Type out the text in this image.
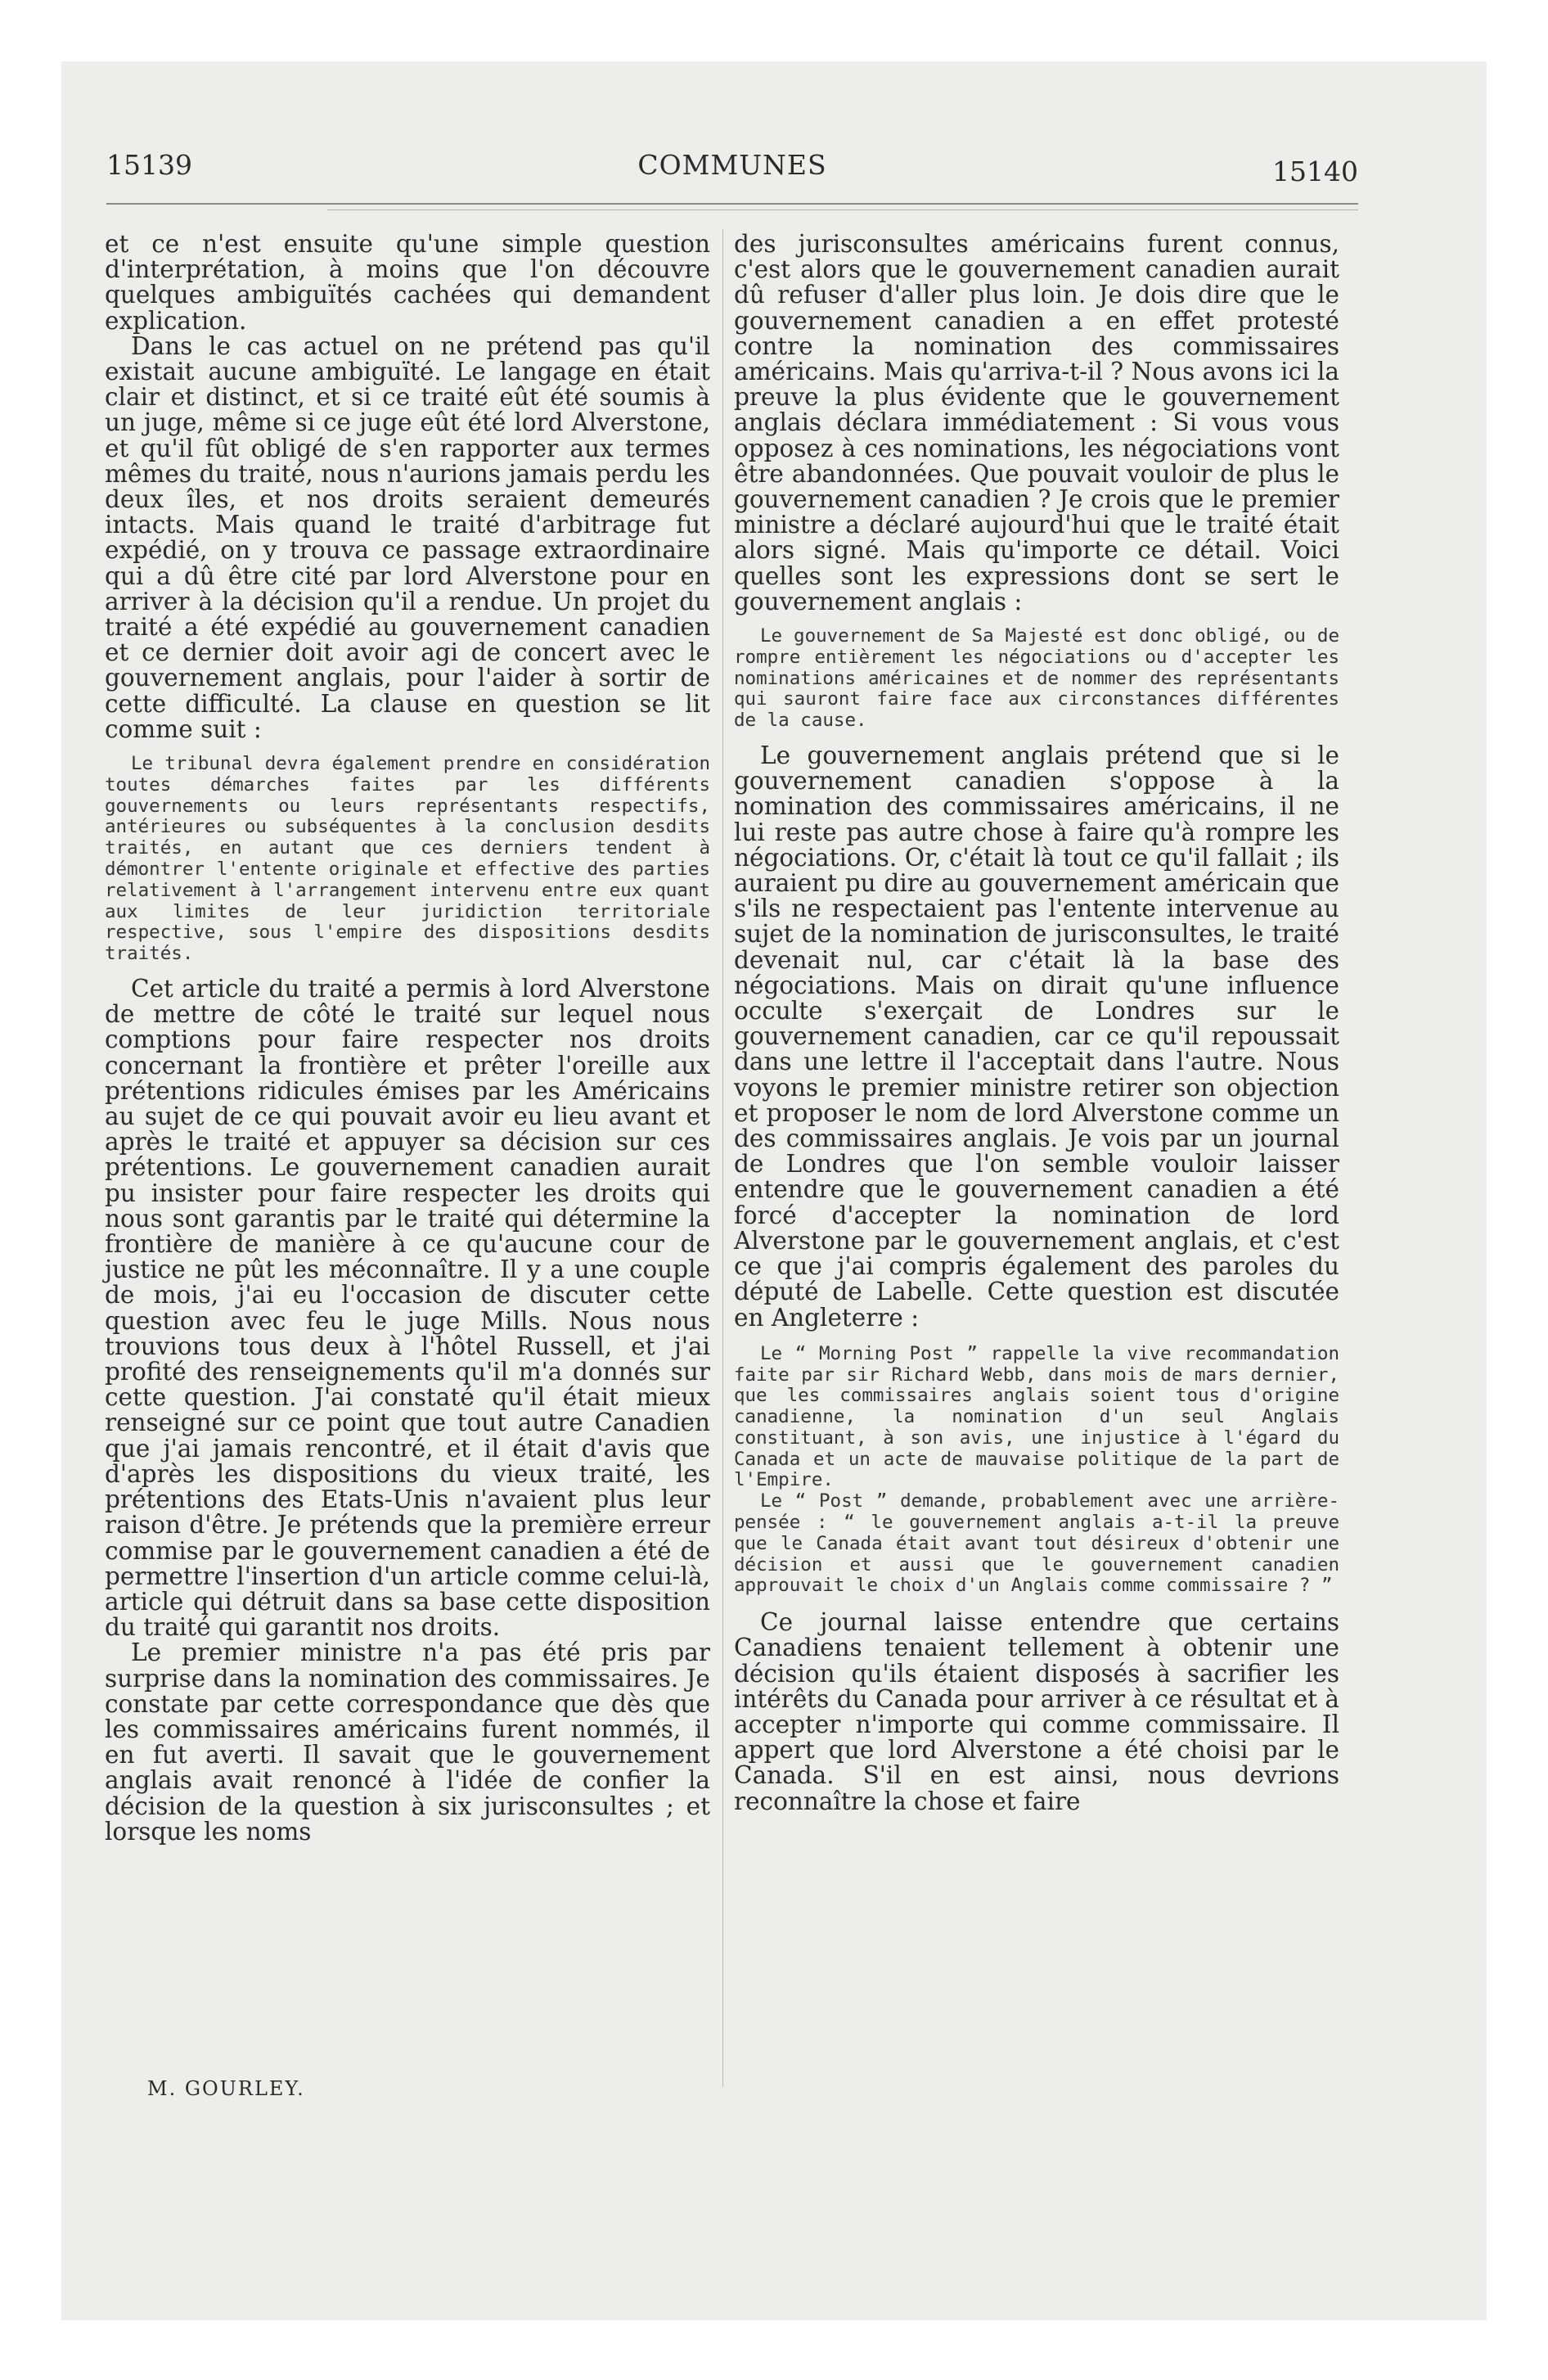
15139	COMMUNES	15140

et ce n'est ensuite qu'une simple question d'interprétation, à moins que l'on découvre quelques ambiguïtés cachées qui demandent explication.

Dans le cas actuel on ne prétend pas qu'il existait aucune ambiguïté. Le langage en était clair et distinct, et si ce traité eût été soumis à un juge, même si ce juge eût été lord Alverstone, et qu'il fût obligé de s'en rapporter aux termes mêmes du traité, nous n'aurions jamais perdu les deux îles, et nos droits seraient demeurés intacts. Mais quand le traité d'arbitrage fut expédié, on y trouva ce passage extraordinaire qui a dû être cité par lord Alverstone pour en arriver à la décision qu'il a rendue. Un projet du traité a été expédié au gouvernement canadien et ce dernier doit avoir agi de concert avec le gouvernement anglais, pour l'aider à sortir de cette difficulté. La clause en question se lit comme suit :

Le tribunal devra également prendre en considération toutes démarches faites par les différents gouvernements ou leurs représentants respectifs, antérieures ou subséquentes à la conclusion desdits traités, en autant que ces derniers tendent à démontrer l'entente originale et effective des parties relativement à l'arrangement intervenu entre eux quant aux limites de leur juridiction territoriale respective, sous l'empire des dispositions desdits traités.

Cet article du traité a permis à lord Alverstone de mettre de côté le traité sur lequel nous comptions pour faire respecter nos droits concernant la frontière et prêter l'oreille aux prétentions ridicules émises par les Américains au sujet de ce qui pouvait avoir eu lieu avant et après le traité et appuyer sa décision sur ces prétentions. Le gouvernement canadien aurait pu insister pour faire respecter les droits qui nous sont garantis par le traité qui détermine la frontière de manière à ce qu'aucune cour de justice ne pût les méconnaître. Il y a une couple de mois, j'ai eu l'occasion de discuter cette question avec feu le juge Mills. Nous nous trouvions tous deux à l'hôtel Russell, et j'ai profité des renseignements qu'il m'a donnés sur cette question. J'ai constaté qu'il était mieux renseigné sur ce point que tout autre Canadien que j'ai jamais rencontré, et il était d'avis que d'après les dispositions du vieux traité, les prétentions des Etats-Unis n'avaient plus leur raison d'être. Je prétends que la première erreur commise par le gouvernement canadien a été de permettre l'insertion d'un article comme celui-là, article qui détruit dans sa base cette disposition du traité qui garantit nos droits.

Le premier ministre n'a pas été pris par surprise dans la nomination des commissaires. Je constate par cette correspondance que dès que les commissaires américains furent nommés, il en fut averti. Il savait que le gouvernement anglais avait renoncé à l'idée de confier la décision de la question à six jurisconsultes ; et lorsque les noms

des jurisconsultes américains furent connus, c'est alors que le gouvernement canadien aurait dû refuser d'aller plus loin. Je dois dire que le gouvernement canadien a en effet protesté contre la nomination des commissaires américains. Mais qu'arriva-t-il ? Nous avons ici la preuve la plus évidente que le gouvernement anglais déclara immédiatement : Si vous vous opposez à ces nominations, les négociations vont être abandonnées. Que pouvait vouloir de plus le gouvernement canadien ? Je crois que le premier ministre a déclaré aujourd'hui que le traité était alors signé. Mais qu'importe ce détail. Voici quelles sont les expressions dont se sert le gouvernement anglais :

Le gouvernement de Sa Majesté est donc obligé, ou de rompre entièrement les négociations ou d'accepter les nominations américaines et de nommer des représentants qui sauront faire face aux circonstances différentes de la cause.

Le gouvernement anglais prétend que si le gouvernement canadien s'oppose à la nomination des commissaires américains, il ne lui reste pas autre chose à faire qu'à rompre les négociations. Or, c'était là tout ce qu'il fallait ; ils auraient pu dire au gouvernement américain que s'ils ne respectaient pas l'entente intervenue au sujet de la nomination de jurisconsultes, le traité devenait nul, car c'était là la base des négociations. Mais on dirait qu'une influence occulte s'exerçait de Londres sur le gouvernement canadien, car ce qu'il repoussait dans une lettre il l'acceptait dans l'autre. Nous voyons le premier ministre retirer son objection et proposer le nom de lord Alverstone comme un des commissaires anglais. Je vois par un journal de Londres que l'on semble vouloir laisser entendre que le gouvernement canadien a été forcé d'accepter la nomination de lord Alverstone par le gouvernement anglais, et c'est ce que j'ai compris également des paroles du député de Labelle. Cette question est discutée en Angleterre :

Le “ Morning Post ” rappelle la vive recommandation faite par sir Richard Webb, dans mois de mars dernier, que les commissaires anglais soient tous d'origine canadienne, la nomination d'un seul Anglais constituant, à son avis, une injustice à l'égard du Canada et un acte de mauvaise politique de la part de l'Empire.

Le “ Post ” demande, probablement avec une arrière-pensée : “ le gouvernement anglais a-t-il la preuve que le Canada était avant tout désireux d'obtenir une décision et aussi que le gouvernement canadien approuvait le choix d'un Anglais comme commissaire ? ”

Ce journal laisse entendre que certains Canadiens tenaient tellement à obtenir une décision qu'ils étaient disposés à sacrifier les intérêts du Canada pour arriver à ce résultat et à accepter n'importe qui comme commissaire. Il appert que lord Alverstone a été choisi par le Canada. S'il en est ainsi, nous devrions reconnaître la chose et faire

M. GOURLEY.
